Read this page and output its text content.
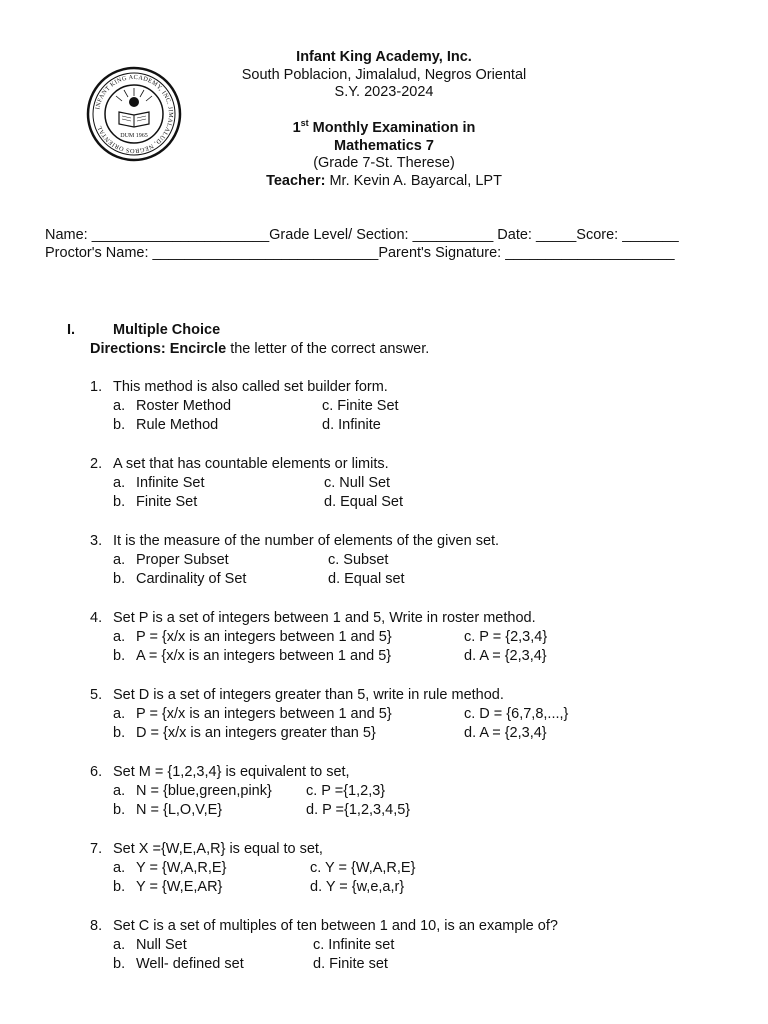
INFANT KING ACADEMY, INC. JIMALALUD, NEGROS ORIENTAL
DUM 1965
Infant King Academy, Inc.
South Poblacion, Jimalalud, Negros Oriental
S.Y. 2023-2024
1st Monthly Examination in
Mathematics 7
(Grade 7-St. Therese)
Teacher: Mr. Kevin A. Bayarcal, LPT
Name: ______________________Grade Level/ Section: __________ Date: _____Score: _______
Proctor's Name: ____________________________Parent's Signature: _____________________
I.	Multiple Choice
Directions: Encircle the letter of the correct answer.
1. This method is also called set builder form.
a. Roster Method
b. Rule Method
c. Finite Set
d. Infinite
2. A set that has countable elements or limits.
a. Infinite Set
b. Finite Set
c. Null Set
d. Equal Set
3. It is the measure of the number of elements of the given set.
a. Proper Subset
b. Cardinality of Set
c. Subset
d. Equal set
4. Set P is a set of integers between 1 and 5, Write in roster method.
a. P = {x/x is an integers between 1 and 5}
b. A = {x/x is an integers between 1 and 5}
c. P = {2,3,4}
d. A = {2,3,4}
5. Set D is a set of integers greater than 5, write in rule method.
a. P = {x/x is an integers between 1 and 5}
b. D = {x/x is an integers greater than 5}
c. D = {6,7,8,...,}
d. A = {2,3,4}
6. Set M = {1,2,3,4} is equivalent to set,
a. N = {blue,green,pink}
b. N = {L,O,V,E}
c. P ={1,2,3}
d. P ={1,2,3,4,5}
7. Set X ={W,E,A,R} is equal to set,
a. Y = {W,A,R,E}
b. Y = {W,E,AR}
c. Y = {W,A,R,E}
d. Y = {w,e,a,r}
8. Set C is a set of multiples of ten between 1 and 10, is an example of?
a. Null Set
b. Well- defined set
c. Infinite set
d. Finite set
